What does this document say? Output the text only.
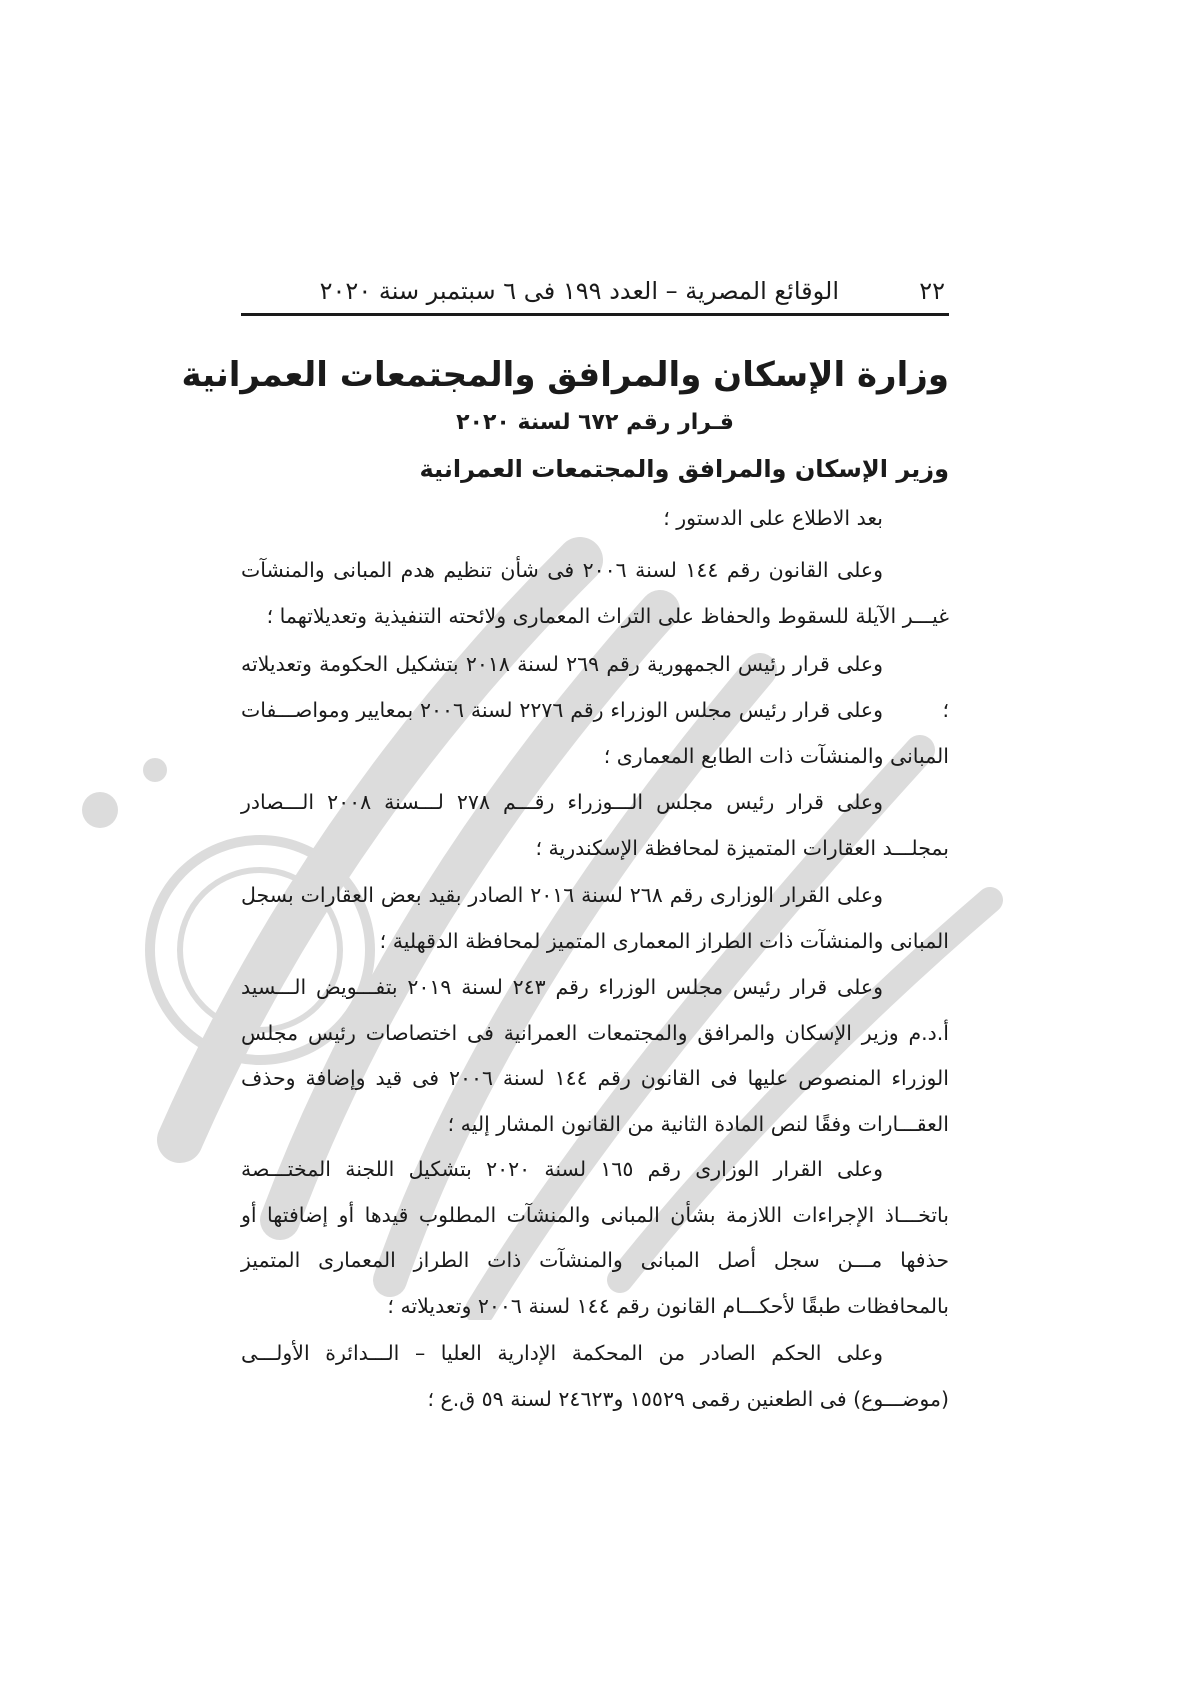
٢٢
الوقائع المصرية – العدد ١٩٩ فى ٦ سبتمبر سنة ٢٠٢٠
وزارة الإسكان والمرافق والمجتمعات العمرانية
قـرار رقم ٦٧٢ لسنة ٢٠٢٠
وزير الإسكان والمرافق والمجتمعات العمرانية

بعد الاطلاع على الدستور ؛

وعلى القانون رقم ١٤٤ لسنة ٢٠٠٦ فى شأن تنظيم هدم المبانى والمنشآت غيـــر الآيلة للسقوط والحفاظ على التراث المعمارى ولائحته التنفيذية وتعديلاتهما ؛

وعلى قرار رئيس الجمهورية رقم ٢٦٩ لسنة ٢٠١٨ بتشكيل الحكومة وتعديلاته ؛

وعلى قرار رئيس مجلس الوزراء رقم ٢٢٧٦ لسنة ٢٠٠٦ بمعايير ومواصـــفات المبانى والمنشآت ذات الطابع المعمارى ؛

وعلى قرار رئيس مجلس الـــوزراء رقـــم ٢٧٨ لـــسنة ٢٠٠٨ الـــصادر بمجلـــد العقارات المتميزة لمحافظة الإسكندرية ؛

وعلى القرار الوزارى رقم ٢٦٨ لسنة ٢٠١٦ الصادر بقيد بعض العقارات بسجل المبانى والمنشآت ذات الطراز المعمارى المتميز لمحافظة الدقهلية ؛

وعلى قرار رئيس مجلس الوزراء رقم ٢٤٣ لسنة ٢٠١٩ بتفـــويض الـــسيد أ.د.م وزير الإسكان والمرافق والمجتمعات العمرانية فى اختصاصات رئيس مجلس الوزراء المنصوص عليها فى القانون رقم ١٤٤ لسنة ٢٠٠٦ فى قيد وإضافة وحذف العقـــارات وفقًا لنص المادة الثانية من القانون المشار إليه ؛

وعلى القرار الوزارى رقم ١٦٥ لسنة ٢٠٢٠ بتشكيل اللجنة المختـــصة باتخـــاذ الإجراءات اللازمة بشأن المبانى والمنشآت المطلوب قيدها أو إضافتها أو حذفها مـــن سجل أصل المبانى والمنشآت ذات الطراز المعمارى المتميز بالمحافظات طبقًا لأحكـــام القانون رقم ١٤٤ لسنة ٢٠٠٦ وتعديلاته ؛

وعلى الحكم الصادر من المحكمة الإدارية العليا – الـــدائرة الأولـــى (موضـــوع) فى الطعنين رقمى ١٥٥٢٩ و٢٤٦٢٣ لسنة ٥٩ ق.ع ؛
